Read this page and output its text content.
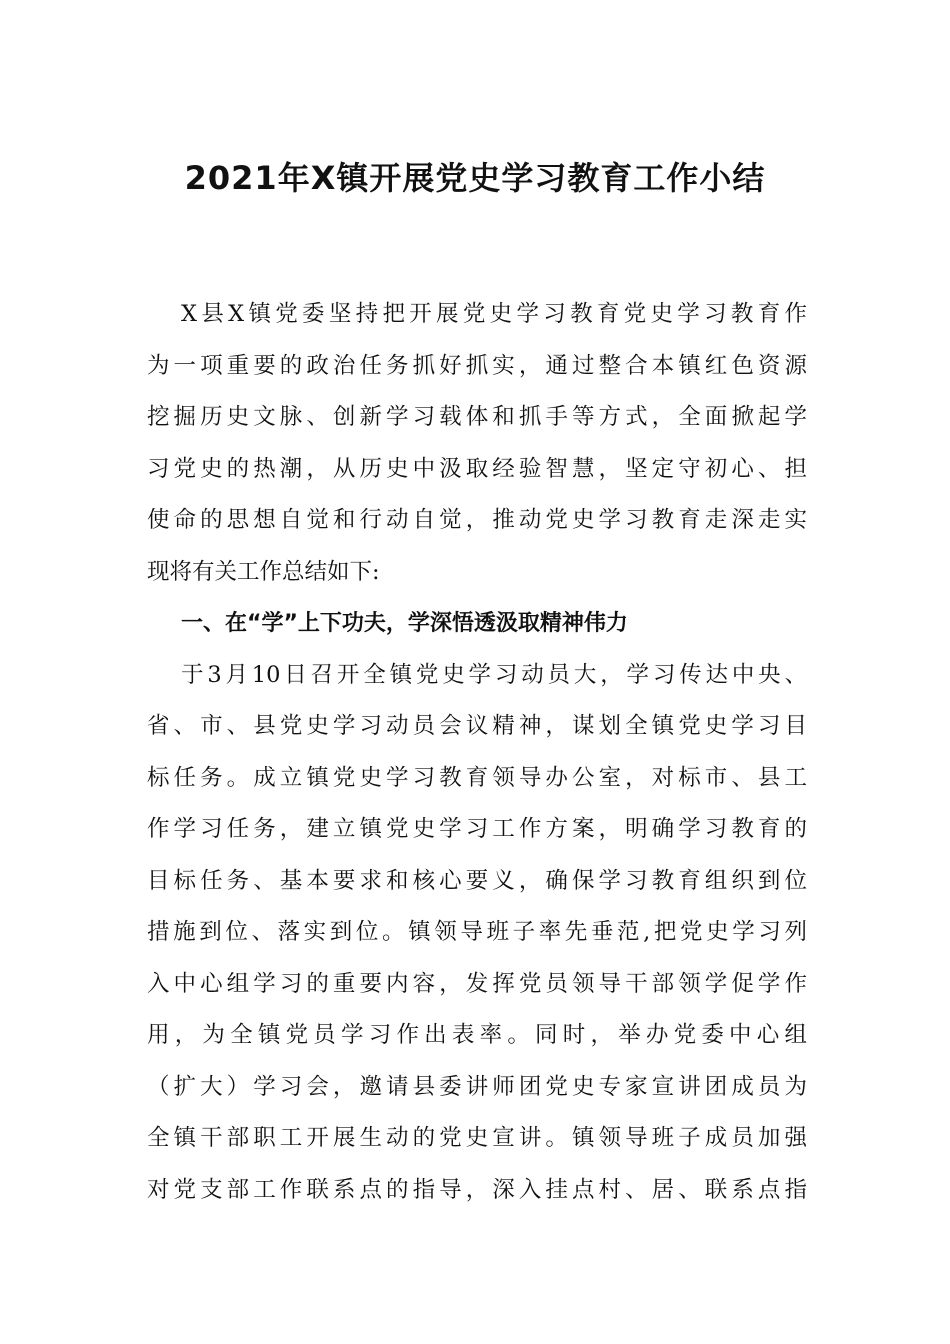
2021年X镇开展党史学习教育工作小结
X县X镇党委坚持把开展党史学习教育党史学习教育作
为一项重要的政治任务抓好抓实，通过整合本镇红色资源
挖掘历史文脉、创新学习载体和抓手等方式，全面掀起学
习党史的热潮，从历史中汲取经验智慧，坚定守初心、担
使命的思想自觉和行动自觉，推动党史学习教育走深走实
现将有关工作总结如下:
一、在“学”上下功夫，学深悟透汲取精神伟力
于3月10日召开全镇党史学习动员大，学习传达中央、
省、市、县党史学习动员会议精神，谋划全镇党史学习目
标任务。成立镇党史学习教育领导办公室，对标市、县工
作学习任务，建立镇党史学习工作方案，明确学习教育的
目标任务、基本要求和核心要义，确保学习教育组织到位
措施到位、落实到位。镇领导班子率先垂范,把党史学习列
入中心组学习的重要内容，发挥党员领导干部领学促学作
用，为全镇党员学习作出表率。同时，举办党委中心组
（扩大）学习会，邀请县委讲师团党史专家宣讲团成员为
全镇干部职工开展生动的党史宣讲。镇领导班子成员加强
对党支部工作联系点的指导，深入挂点村、居、联系点指
